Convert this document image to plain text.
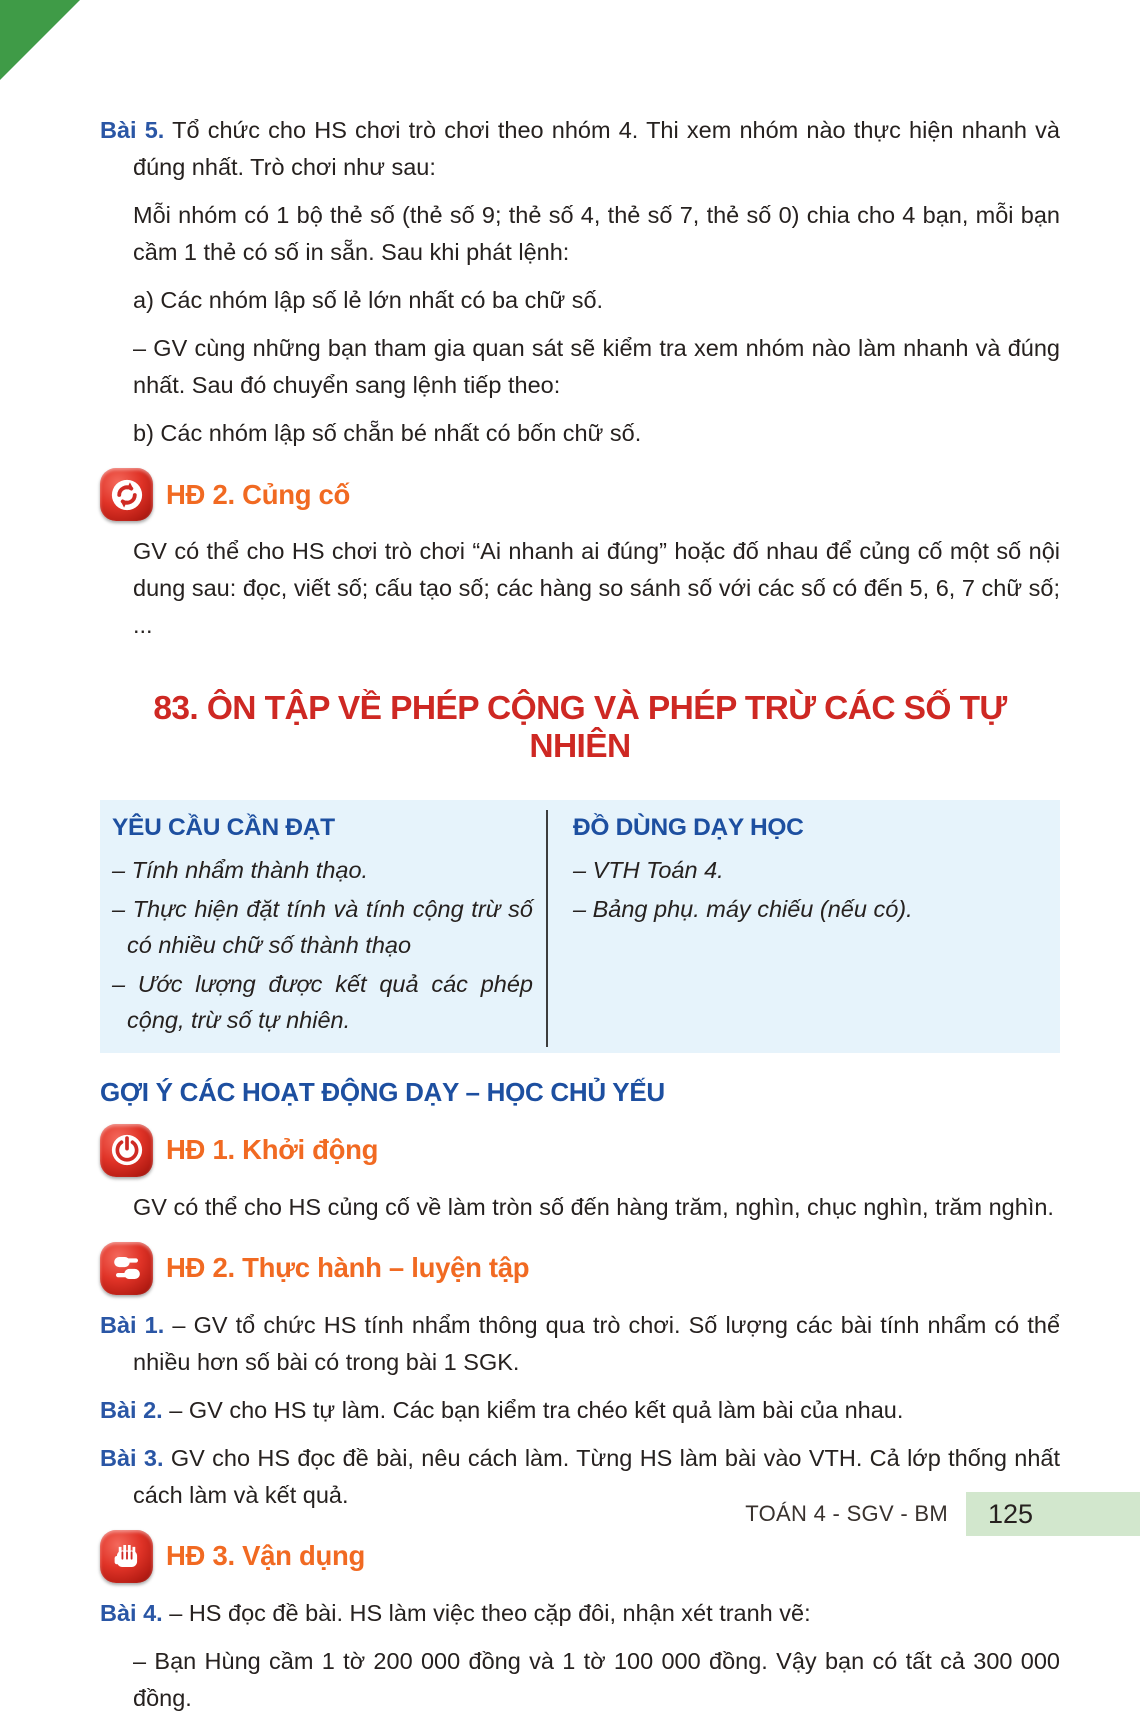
Bài 5. Tổ chức cho HS chơi trò chơi theo nhóm 4. Thi xem nhóm nào thực hiện nhanh và đúng nhất. Trò chơi như sau:

Mỗi nhóm có 1 bộ thẻ số (thẻ số 9; thẻ số 4, thẻ số 7, thẻ số 0) chia cho 4 bạn, mỗi bạn cầm 1 thẻ có số in sẵn. Sau khi phát lệnh:

a) Các nhóm lập số lẻ lớn nhất có ba chữ số.

– GV cùng những bạn tham gia quan sát sẽ kiểm tra xem nhóm nào làm nhanh và đúng nhất. Sau đó chuyển sang lệnh tiếp theo:

b) Các nhóm lập số chẵn bé nhất có bốn chữ số.

HĐ 2. Củng cố

GV có thể cho HS chơi trò chơi “Ai nhanh ai đúng” hoặc đố nhau để củng cố một số nội dung sau: đọc, viết số; cấu tạo số; các hàng so sánh số với các số có đến 5, 6, 7 chữ số; ...

83. ÔN TẬP VỀ PHÉP CỘNG VÀ PHÉP TRỪ CÁC SỐ TỰ NHIÊN
YÊU CẦU CẦN ĐẠT
– Tính nhẩm thành thạo.
– Thực hiện đặt tính và tính cộng trừ số có nhiều chữ số thành thạo
– Ước lượng được kết quả các phép cộng, trừ số tự nhiên.
ĐỒ DÙNG DẠY HỌC
– VTH Toán 4.
– Bảng phụ. máy chiếu (nếu có).
GỢI Ý CÁC HOẠT ĐỘNG DẠY – HỌC CHỦ YẾU
HĐ 1. Khởi động

GV có thể cho HS củng cố về làm tròn số đến hàng trăm, nghìn, chục nghìn, trăm nghìn.

HĐ 2. Thực hành – luyện tập

Bài 1. – GV tổ chức HS tính nhẩm thông qua trò chơi. Số lượng các bài tính nhẩm có thể nhiều hơn số bài có trong bài 1 SGK.

Bài 2. – GV cho HS tự làm. Các bạn kiểm tra chéo kết quả làm bài của nhau.

Bài 3. GV cho HS đọc đề bài, nêu cách làm. Từng HS làm bài vào VTH. Cả lớp thống nhất cách làm và kết quả.

HĐ 3. Vận dụng

Bài 4. – HS đọc đề bài. HS làm việc theo cặp đôi, nhận xét tranh vẽ:

– Bạn Hùng cầm 1 tờ 200 000 đồng và 1 tờ 100 000 đồng. Vậy bạn có tất cả 300 000 đồng.

TOÁN 4 - SGV - BM 125
